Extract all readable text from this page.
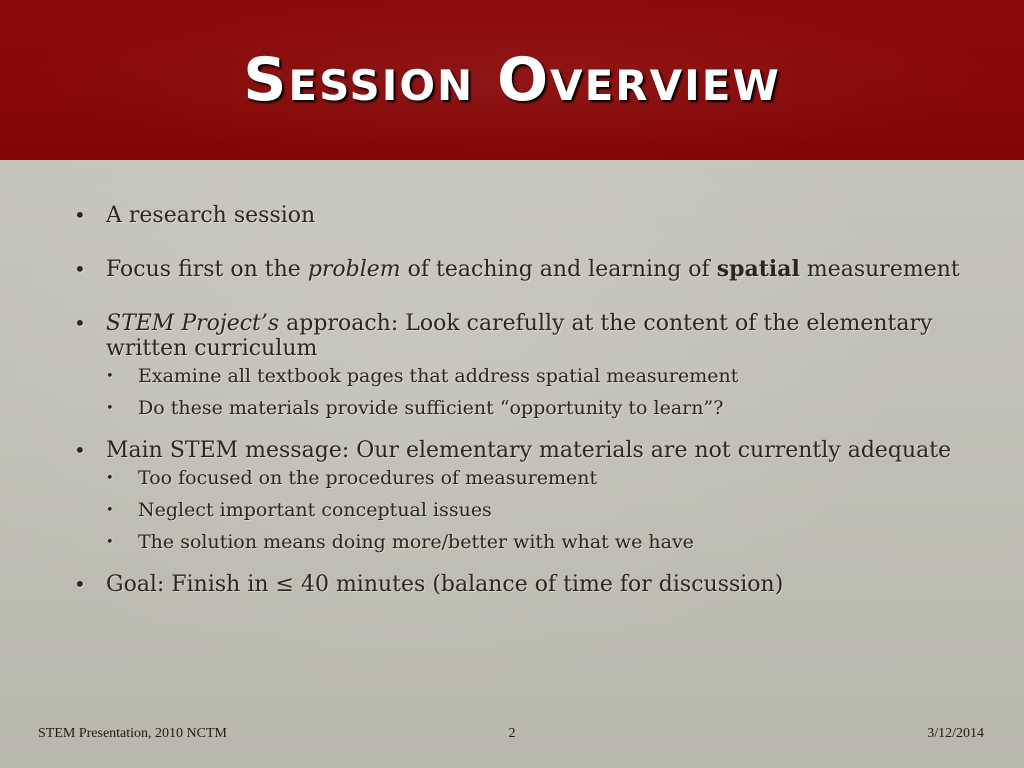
Session Overview
• A research session
• Focus first on the problem of teaching and learning of spatial measurement
• STEM Project’s approach: Look carefully at the content of the elementary written curriculum
• Examine all textbook pages that address spatial measurement
• Do these materials provide sufficient “opportunity to learn”?
• Main STEM message: Our elementary materials are not currently adequate
• Too focused on the procedures of measurement
• Neglect important conceptual issues
• The solution means doing more/better with what we have
• Goal: Finish in ≤ 40 minutes (balance of time for discussion)
STEM Presentation, 2010 NCTM	2	3/12/2014
